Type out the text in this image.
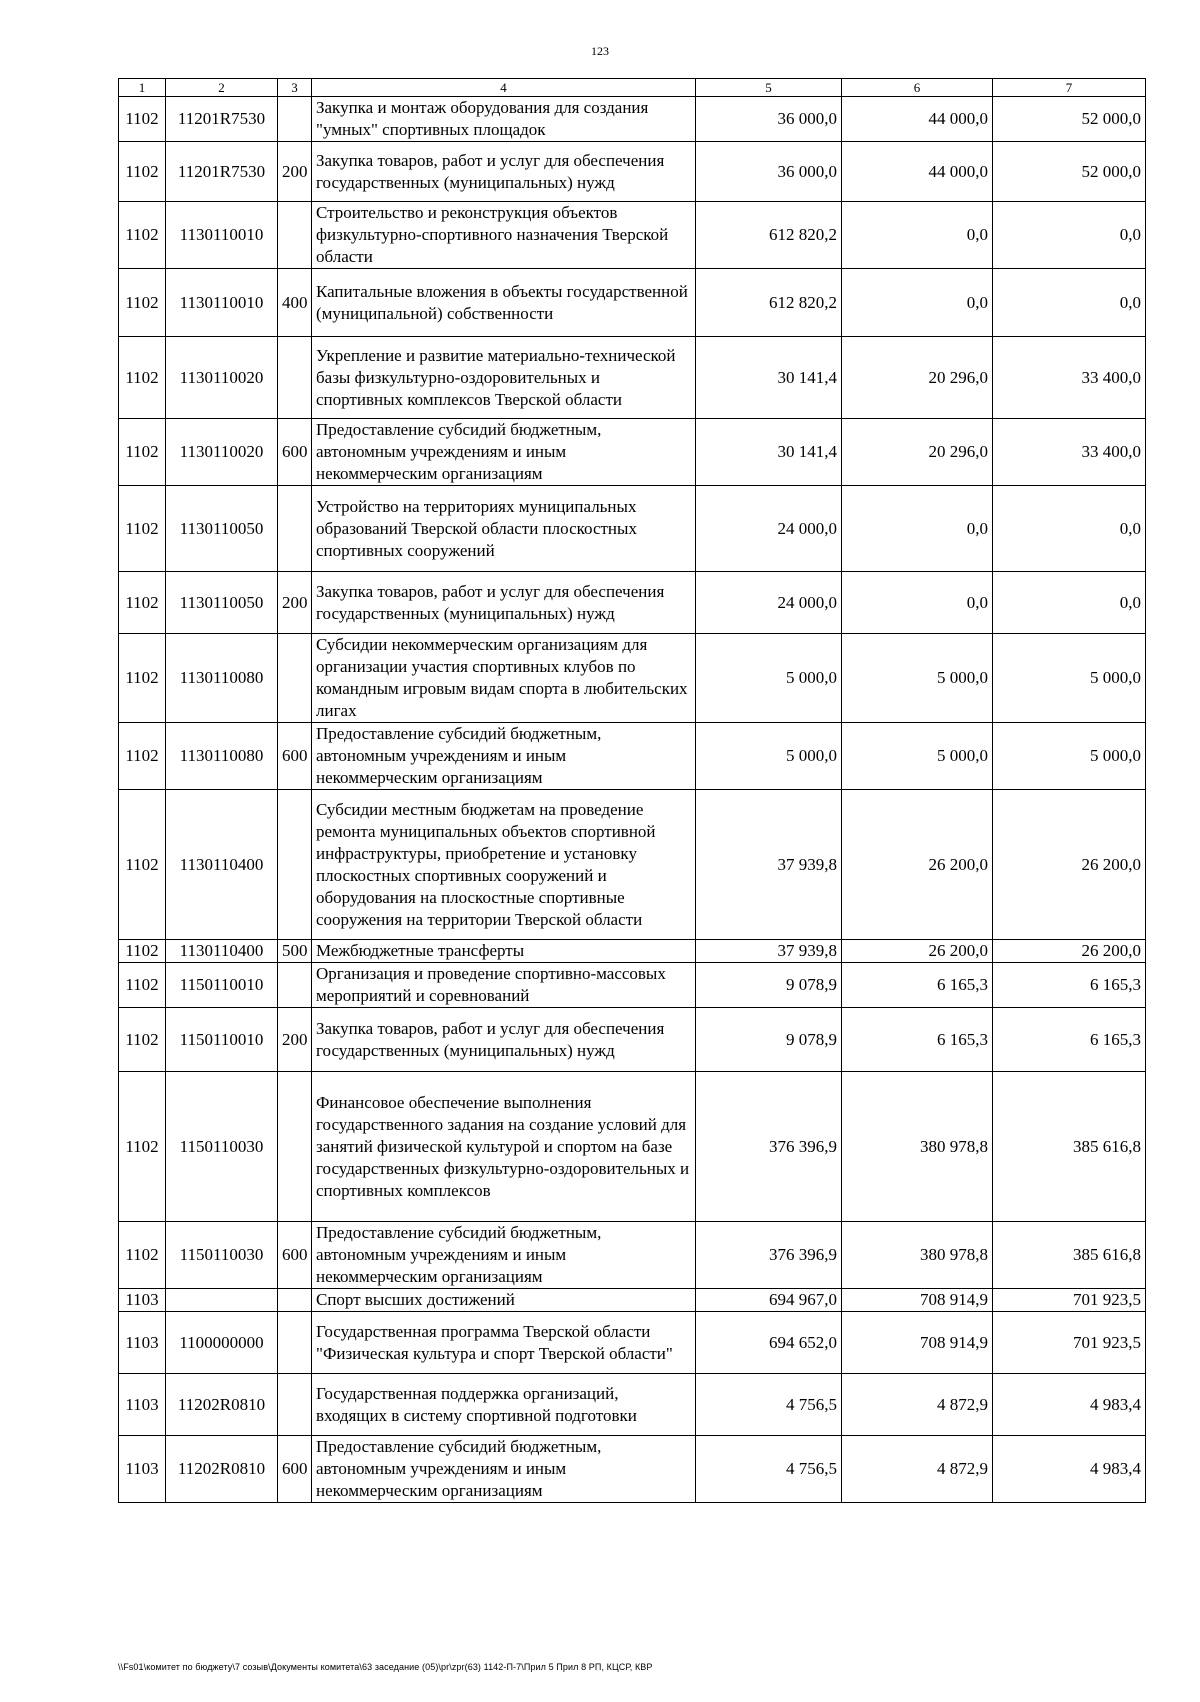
123
1	2	3	4	5	6	7
1102	11201R7530		Закупка и монтаж оборудования для создания "умных" спортивных площадок	36 000,0	44 000,0	52 000,0
1102	11201R7530	200	Закупка товаров, работ и услуг для обеспечения государственных (муниципальных) нужд	36 000,0	44 000,0	52 000,0
1102	1130110010		Строительство и реконструкция объектов физкультурно-спортивного назначения Тверской области	612 820,2	0,0	0,0
1102	1130110010	400	Капитальные вложения в объекты государственной (муниципальной) собственности	612 820,2	0,0	0,0
1102	1130110020		Укрепление и развитие материально-технической базы физкультурно-оздоровительных и спортивных комплексов Тверской области	30 141,4	20 296,0	33 400,0
1102	1130110020	600	Предоставление субсидий бюджетным, автономным учреждениям и иным некоммерческим организациям	30 141,4	20 296,0	33 400,0
1102	1130110050		Устройство на территориях муниципальных образований Тверской области плоскостных спортивных сооружений	24 000,0	0,0	0,0
1102	1130110050	200	Закупка товаров, работ и услуг для обеспечения государственных (муниципальных) нужд	24 000,0	0,0	0,0
1102	1130110080		Субсидии некоммерческим организациям для организации участия спортивных клубов по командным игровым видам спорта в любительских лигах	5 000,0	5 000,0	5 000,0
1102	1130110080	600	Предоставление субсидий бюджетным, автономным учреждениям и иным некоммерческим организациям	5 000,0	5 000,0	5 000,0
1102	1130110400		Субсидии местным бюджетам на проведение ремонта муниципальных объектов спортивной инфраструктуры, приобретение и установку плоскостных спортивных сооружений и оборудования на плоскостные спортивные сооружения на территории Тверской области	37 939,8	26 200,0	26 200,0
1102	1130110400	500	Межбюджетные трансферты	37 939,8	26 200,0	26 200,0
1102	1150110010		Организация и проведение спортивно-массовых мероприятий и соревнований	9 078,9	6 165,3	6 165,3
1102	1150110010	200	Закупка товаров, работ и услуг для обеспечения государственных (муниципальных) нужд	9 078,9	6 165,3	6 165,3
1102	1150110030		Финансовое обеспечение выполнения государственного задания на создание условий для занятий физической культурой и спортом на базе государственных физкультурно-оздоровительных и спортивных комплексов	376 396,9	380 978,8	385 616,8
1102	1150110030	600	Предоставление субсидий бюджетным, автономным учреждениям и иным некоммерческим организациям	376 396,9	380 978,8	385 616,8
1103			Спорт высших достижений	694 967,0	708 914,9	701 923,5
1103	1100000000		Государственная программа Тверской области "Физическая культура и спорт Тверской области"	694 652,0	708 914,9	701 923,5
1103	11202R0810		Государственная поддержка организаций, входящих в систему спортивной подготовки	4 756,5	4 872,9	4 983,4
1103	11202R0810	600	Предоставление субсидий бюджетным, автономным учреждениям и иным некоммерческим организациям	4 756,5	4 872,9	4 983,4
\\Fs01\комитет по бюджету\7 созыв\Документы комитета\63 заседание (05)\pr\zpr(63) 1142-П-7\Прил 5 Прил 8 РП, КЦСР, КВР
